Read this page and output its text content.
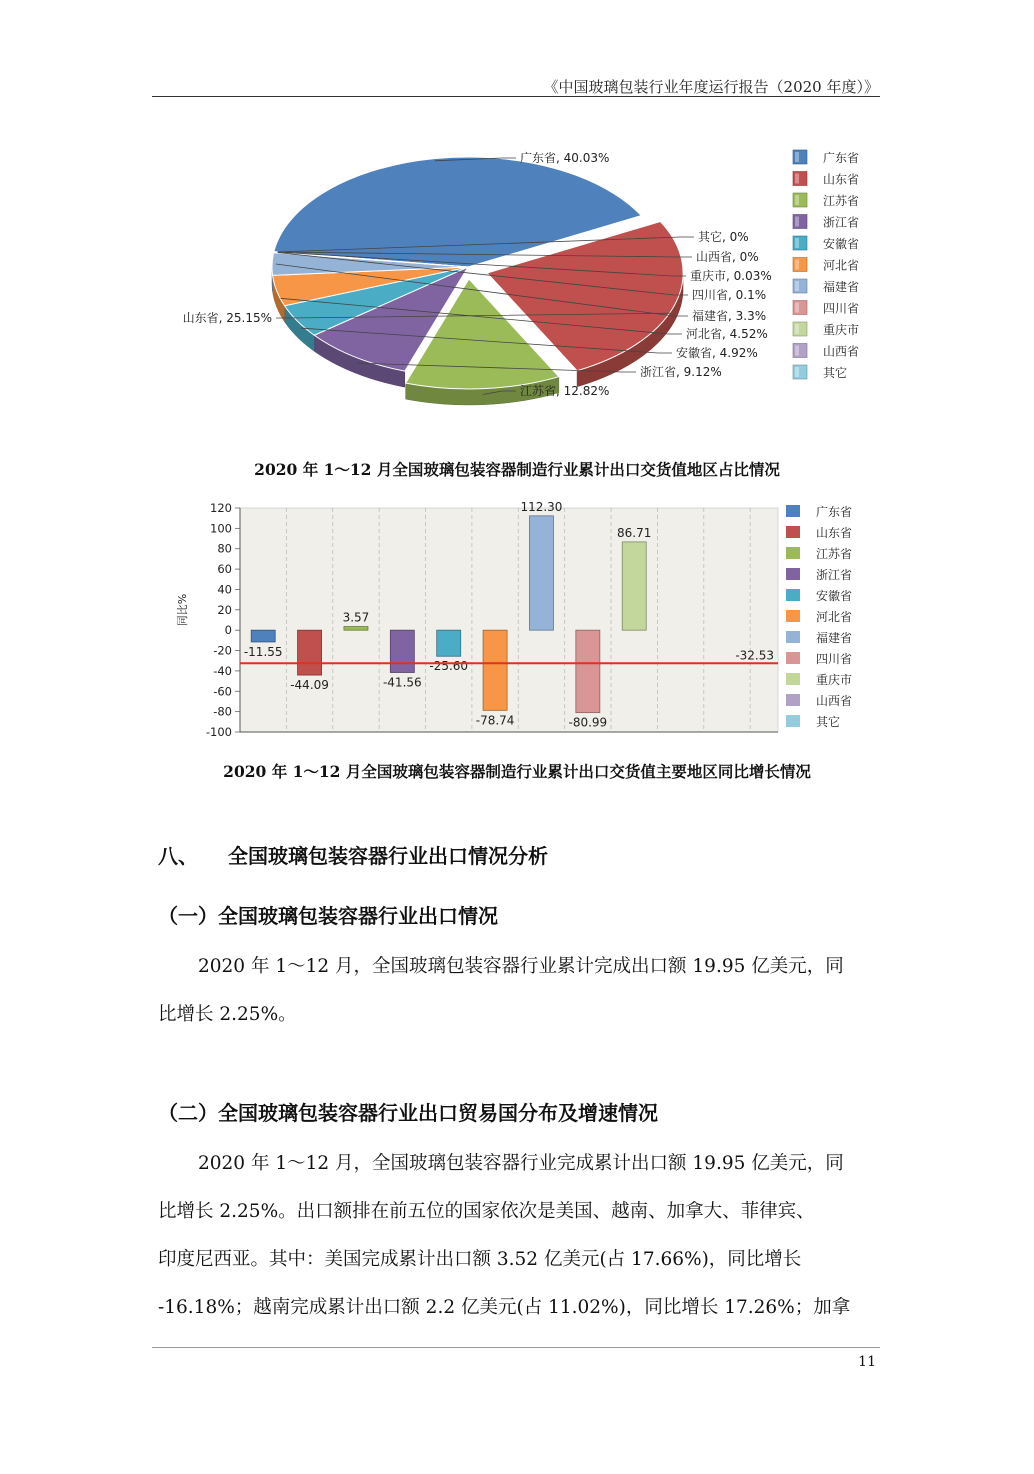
《中国玻璃包装行业年度运行报告（2020 年度）》
广东省, 40.03%
山东省, 25.15%
江苏省, 12.82%
浙江省, 9.12%
安徽省, 4.92%
河北省, 4.52%
福建省, 3.3%
四川省, 0.1%
重庆市, 0.03%
山西省, 0%
其它, 0%
广东省
山东省
江苏省
浙江省
安徽省
河北省
福建省
四川省
重庆市
山西省
其它
2020 年 1～12 月全国玻璃包装容器制造行业累计出口交货值地区占比情况
120
100
80
60
40
20
0
-20
-40
-60
-80
-100
同比%
-11.55
-44.09
3.57
-41.56
-25.60
-78.74
112.30
-80.99
86.71
-32.53
广东省
山东省
江苏省
浙江省
安徽省
河北省
福建省
四川省
重庆市
山西省
其它
2020 年 1～12 月全国玻璃包装容器制造行业累计出口交货值主要地区同比增长情况
八、　　全国玻璃包装容器行业出口情况分析
（一）全国玻璃包装容器行业出口情况
2020 年 1～12 月，全国玻璃包装容器行业累计完成出口额 19.95 亿美元，同
比增长 2.25%。
（二）全国玻璃包装容器行业出口贸易国分布及增速情况
2020 年 1～12 月，全国玻璃包装容器行业完成累计出口额 19.95 亿美元，同
比增长 2.25%。出口额排在前五位的国家依次是美国、越南、加拿大、菲律宾、
印度尼西亚。其中：美国完成累计出口额 3.52 亿美元(占 17.66%)，同比增长
-16.18%；越南完成累计出口额 2.2 亿美元(占 11.02%)，同比增长 17.26%；加拿
11
